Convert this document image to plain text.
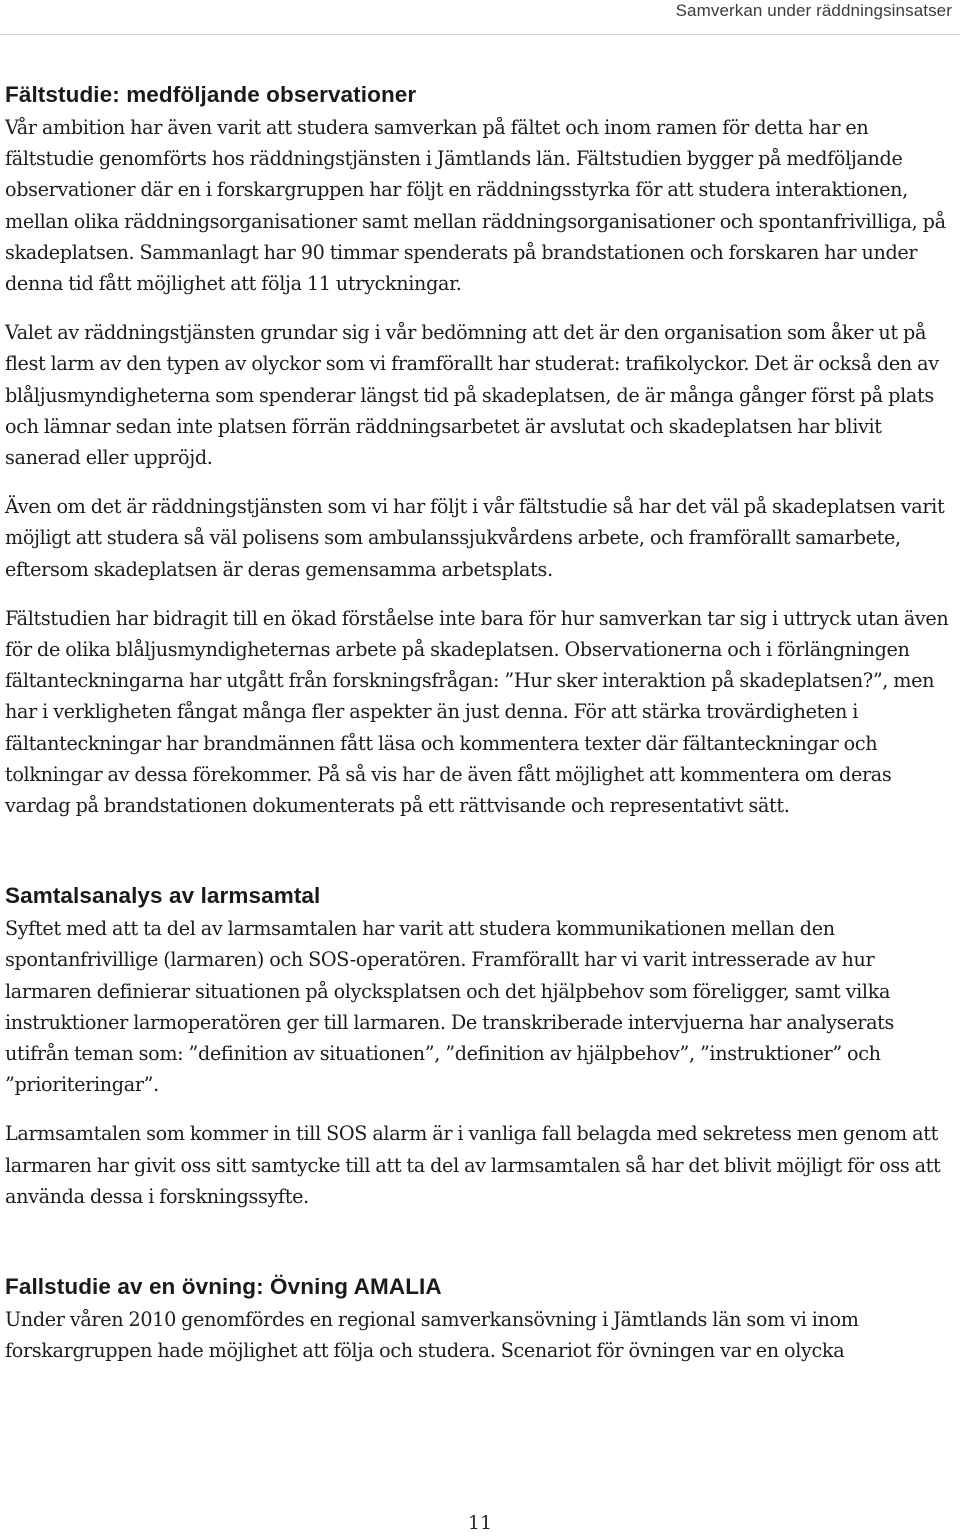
Samverkan under räddningsinsatser
Fältstudie: medföljande observationer

Vår ambition har även varit att studera samverkan på fältet och inom ramen för detta har en fältstudie genomförts hos räddningstjänsten i Jämtlands län. Fältstudien bygger på medföljande observationer där en i forskargruppen har följt en räddningsstyrka för att studera interaktionen, mellan olika räddningsorganisationer samt mellan räddningsorganisationer och spontanfrivilliga, på skadeplatsen. Sammanlagt har 90 timmar spenderats på brandstationen och forskaren har under denna tid fått möjlighet att följa 11 utryckningar.

Valet av räddningstjänsten grundar sig i vår bedömning att det är den organisation som åker ut på flest larm av den typen av olyckor som vi framförallt har studerat: trafikolyckor. Det är också den av blåljusmyndigheterna som spenderar längst tid på skadeplatsen, de är många gånger först på plats och lämnar sedan inte platsen förrän räddningsarbetet är avslutat och skadeplatsen har blivit sanerad eller uppröjd.

Även om det är räddningstjänsten som vi har följt i vår fältstudie så har det väl på skadeplatsen varit möjligt att studera så väl polisens som ambulanssjukvårdens arbete, och framförallt samarbete, eftersom skadeplatsen är deras gemensamma arbetsplats.

Fältstudien har bidragit till en ökad förståelse inte bara för hur samverkan tar sig i uttryck utan även för de olika blåljusmyndigheternas arbete på skadeplatsen. Observationerna och i förlängningen fältanteckningarna har utgått från forskningsfrågan: ”Hur sker interaktion på skadeplatsen?”, men har i verkligheten fångat många fler aspekter än just denna. För att stärka trovärdigheten i fältanteckningar har brandmännen fått läsa och kommentera texter där fältanteckningar och tolkningar av dessa förekommer. På så vis har de även fått möjlighet att kommentera om deras vardag på brandstationen dokumenterats på ett rättvisande och representativt sätt.

Samtalsanalys av larmsamtal

Syftet med att ta del av larmsamtalen har varit att studera kommunikationen mellan den spontanfrivillige (larmaren) och SOS-operatören. Framförallt har vi varit intresserade av hur larmaren definierar situationen på olycksplatsen och det hjälpbehov som föreligger, samt vilka instruktioner larmoperatören ger till larmaren. De transkriberade intervjuerna har analyserats utifrån teman som: ”definition av situationen”, ”definition av hjälpbehov”, ”instruktioner” och ”prioriteringar”.

Larmsamtalen som kommer in till SOS alarm är i vanliga fall belagda med sekretess men genom att larmaren har givit oss sitt samtycke till att ta del av larmsamtalen så har det blivit möjligt för oss att använda dessa i forskningssyfte.

Fallstudie av en övning: Övning AMALIA

Under våren 2010 genomfördes en regional samverkansövning i Jämtlands län som vi inom forskargruppen hade möjlighet att följa och studera. Scenariot för övningen var en olycka

11
